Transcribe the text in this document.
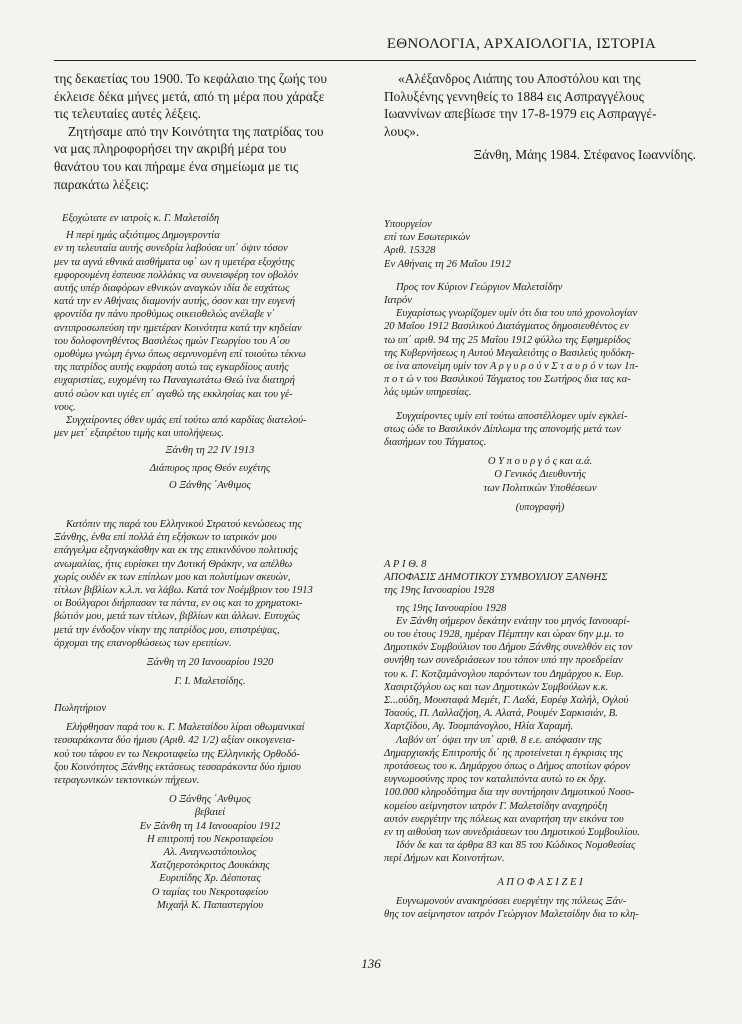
ΕΘΝΟΛΟΓΙΑ, ΑΡΧΑΙΟΛΟΓΙΑ, ΙΣΤΟΡΙΑ

της δεκαετίας του 1900. Το κεφάλαιο της ζωής του

έκλεισε δέκα μήνες μετά, από τη μέρα που χάραξε

τις τελευταίες αυτές λέξεις.

Ζητήσαμε από την Κοινότητα της πατρίδας του

να μας πληροφορήσει την ακριβή μέρα του

θανάτου του και πήραμε ένα σημείωμα με τις

παρακάτω λέξεις:

Εξοχώτατε εν ιατροίς κ. Γ. Μαλετσίδη

Η περί ημάς αξιότιμος Δημογεροντία

εν τη τελευταία αυτής συνεδρία λαβούσα υπ΄ όψιν τόσον

μεν τα αγνά εθνικά αισθήματα υφ΄ ων η υμετέρα εξοχότης

εμφορουμένη έσπευσε πολλάκις να συνεισφέρη τον οβολόν

αυτής υπέρ διαφόρων εθνικών αναγκών ιδία δε εσχάτως

κατά την εν Αθήναις διαμονήν αυτής, όσον και την ευγενή

φροντίδα ην πάνυ προθύμως οικειοθελώς ανέλαβε ν΄

αντιπροσωπεύση την ημετέραν Κοινότητα κατά την κηδείαν

του δολοφονηθέντος Βασιλέως ημών Γεωργίου του Α΄ου

ομοθύμω γνώμη έγνω όπως σεμνυνομένη επί τοιούτω τέκνω

της πατρίδος αυτής εκφράση αυτώ τας εγκαρδίους αυτής

ευχαριστίας, ευχομένη τω Παναγιωτάτω Θεώ ίνα διατηρή

αυτό σώον και υγιές επ΄ αγαθώ της εκκλησίας και του γέ-

νους.

Συγχαίροντες όθεν υμάς επί τούτω από καρδίας διατελού-

μεν μετ΄ εξαιρέτου τιμής και υπολήψεως.

Ξάνθη τη 22 IV 1913

Διάπυρος προς Θεόν ευχέτης

Ο Ξάνθης ΄Ανθιμος

Κατόπιν της παρά του Ελληνικού Στρατού κενώσεως της

Ξάνθης, ένθα επί πολλά έτη εξήσκων το ιατρικόν μου

επάγγελμα εξηναγκάσθην και εκ της επικινδύνου πολιτικής

ανωμαλίας, ήτις ευρίσκει την Δυτική Θράκην, να απέλθω

χωρίς ουδέν εκ των επίπλων μου και πολυτίμων σκευών,

τίτλων βιβλίων κ.λ.π. να λάβω. Κατά τον Νοέμβριον του 1913

οι Βούλγαροι διήρπασαν τα πάντα, εν οις και το χρηματοκι-

βώτιόν μου, μετά των τίτλων, βιβλίων και άλλων. Ευτυχώς

μετά την ένδοξον νίκην της πατρίδος μου, επιστρέψας,

άρχομαι της επανορθώσεως των ερειπίων.

Ξάνθη τη 20 Ιανουαρίου 1920

Γ. Ι. Μαλετσίδης.

Πωλητήριον

Ελήφθησαν παρά του κ. Γ. Μαλετσίδου λίραι οθωμανικαί

τεσσαράκοντα δύο ήμισυ (Αριθ. 42 1/2) αξίαν οικογενεια-

κού του τάφου εν τω Νεκροταφείω της Ελληνικής Ορθοδό-

ξου Κοινότητος Ξάνθης εκτάσεως τεσσαράκοντα δύο ήμισυ

τετραγωνικών τεκτονικών πήχεων.

Ο Ξάνθης ΄Ανθιμος

βεβαιεί

Εν Ξάνθη τη 14 Ιανουαρίου 1912

Η επιτροπή του Νεκροταφείου

Αλ. Αναγνωστόπουλος

Χατζηεροτόκριτος Δουκάκης

Ευριπίδης Χρ. Δέσποτας

Ο ταμίας του Νεκροταφείου

Μιχαήλ Κ. Παπαστεργίου

«Αλέξανδρος Λιάπης του Αποστόλου και της

Πολυξένης γεννηθείς το 1884 εις Ασπραγγέλους

Ιωαννίνων απεβίωσε την 17-8-1979 εις Ασπραγγέ-

λους».

Ξάνθη, Μάης 1984. Στέφανος Ιωαννίδης.

Υπουργείον

επί των Εσωτερικών

Αριθ. 15328

Εν Αθήναις τη 26 Μαΐου 1912

Προς τον Κύριον Γεώργιον Μαλετσίδην

Ιατρόν

Ευχαρίστως γνωρίζομεν υμίν ότι δια του υπό χρονολογίαν

20 Μαΐου 1912 Βασιλικού Διατάγματος δημοσιευθέντος εν

τω υπ΄ αριθ. 94 της 25 Μαΐου 1912 φύλλω της Εφημερίδος

της Κυβερνήσεως η Αυτού Μεγαλειότης ο Βασιλεύς ηυδόκη-

σε ίνα απονείμη υμίν τον Α ρ γ υ ρ ο ύ ν Σ τ α υ ρ ό ν των 1π-

π ο τ ώ ν του Βασιλικού Τάγματος του Σωτήρος δια τας κα-

λάς υμών υπηρεσίας.

Συγχαίροντες υμίν επί τούτω αποστέλλομεν υμίν εγκλεί-

στως ώδε το Βασιλικόν Δίπλωμα της απονομής μετά των

διασήμων του Τάγματος.

Ο Υ π ο υ ρ γ ό ς και α.ά.

Ο Γενικός Διευθυντής

των Πολιτικών Υποθέσεων

(υπογραφή)

Α Ρ Ι Θ. 8

ΑΠΟΦΑΣΙΣ ΔΗΜΟΤΙΚΟΥ ΣΥΜΒΟΥΛΙΟΥ ΞΑΝΘΗΣ

της 19ης Ιανουαρίου 1928

της 19ης Ιανουαρίου 1928

Εν Ξάνθη σήμερον δεκάτην ενάτην του μηνός Ιανουαρί-

ου του έτους 1928, ημέραν Πέμπτην και ώραν 6ην μ.μ. το

Δημοτικόν Συμβούλιον του Δήμου Ξάνθης συνελθόν εις τον

συνήθη των συνεδριάσεων του τόπον υπό την προεδρείαν

του κ. Γ. Κοτζαμάνογλου παρόντων του Δημάρχου κ. Ευρ.

Χασιρτζόγλου ως και των Δημοτικών Συμβούλων κ.κ.

Σ...ούδη, Μουσταφά Μεμέτ, Γ. Λαδά, Εσρέφ Χαλήλ, Ογλού

Τσαούς, Π. Λαλλαζήση, Α. Αλατά, Ρουμέν Σαρκισιάν, Β.

Χαρτζίδου, Αγ. Τσομπάνογλου, Ηλία Χαραμή.

Λαβόν υπ΄ όψει την υπ΄ αριθ. 8 ε.ε. απόφασιν της

Δημαρχιακής Επιτροπής δι΄ ης προτείνεται η έγκρισις της

προτάσεως του κ. Δημάρχου όπως ο Δήμος αποτίων φόρον

ευγνωμοσύνης προς τον καταλιπόντα αυτώ το εκ δρχ.

100.000 κληροδότημα δια την συντήρησιν Δημοτικού Νοσο-

κομείου αείμνηστον ιατρόν Γ. Μαλετσίδην αναχηρύξη

αυτόν ευεργέτην της πόλεως και αναρτήση την εικόνα του

εν τη αιθούση των συνεδριάσεων του Δημοτικού Συμβουλίου.

Ιδόν δε και τα άρθρα 83 και 85 του Κώδικος Νομοθεσίας

περί Δήμων και Κοινοτήτων.

Α Π Ο Φ Α Σ Ι Ζ Ε Ι

Ευγνωμονούν ανακηρύσσει ευεργέτην της πόλεως Ξάν-

θης τον αείμνηστον ιατρόν Γεώργιον Μαλετσίδην δια το κλη-

136
